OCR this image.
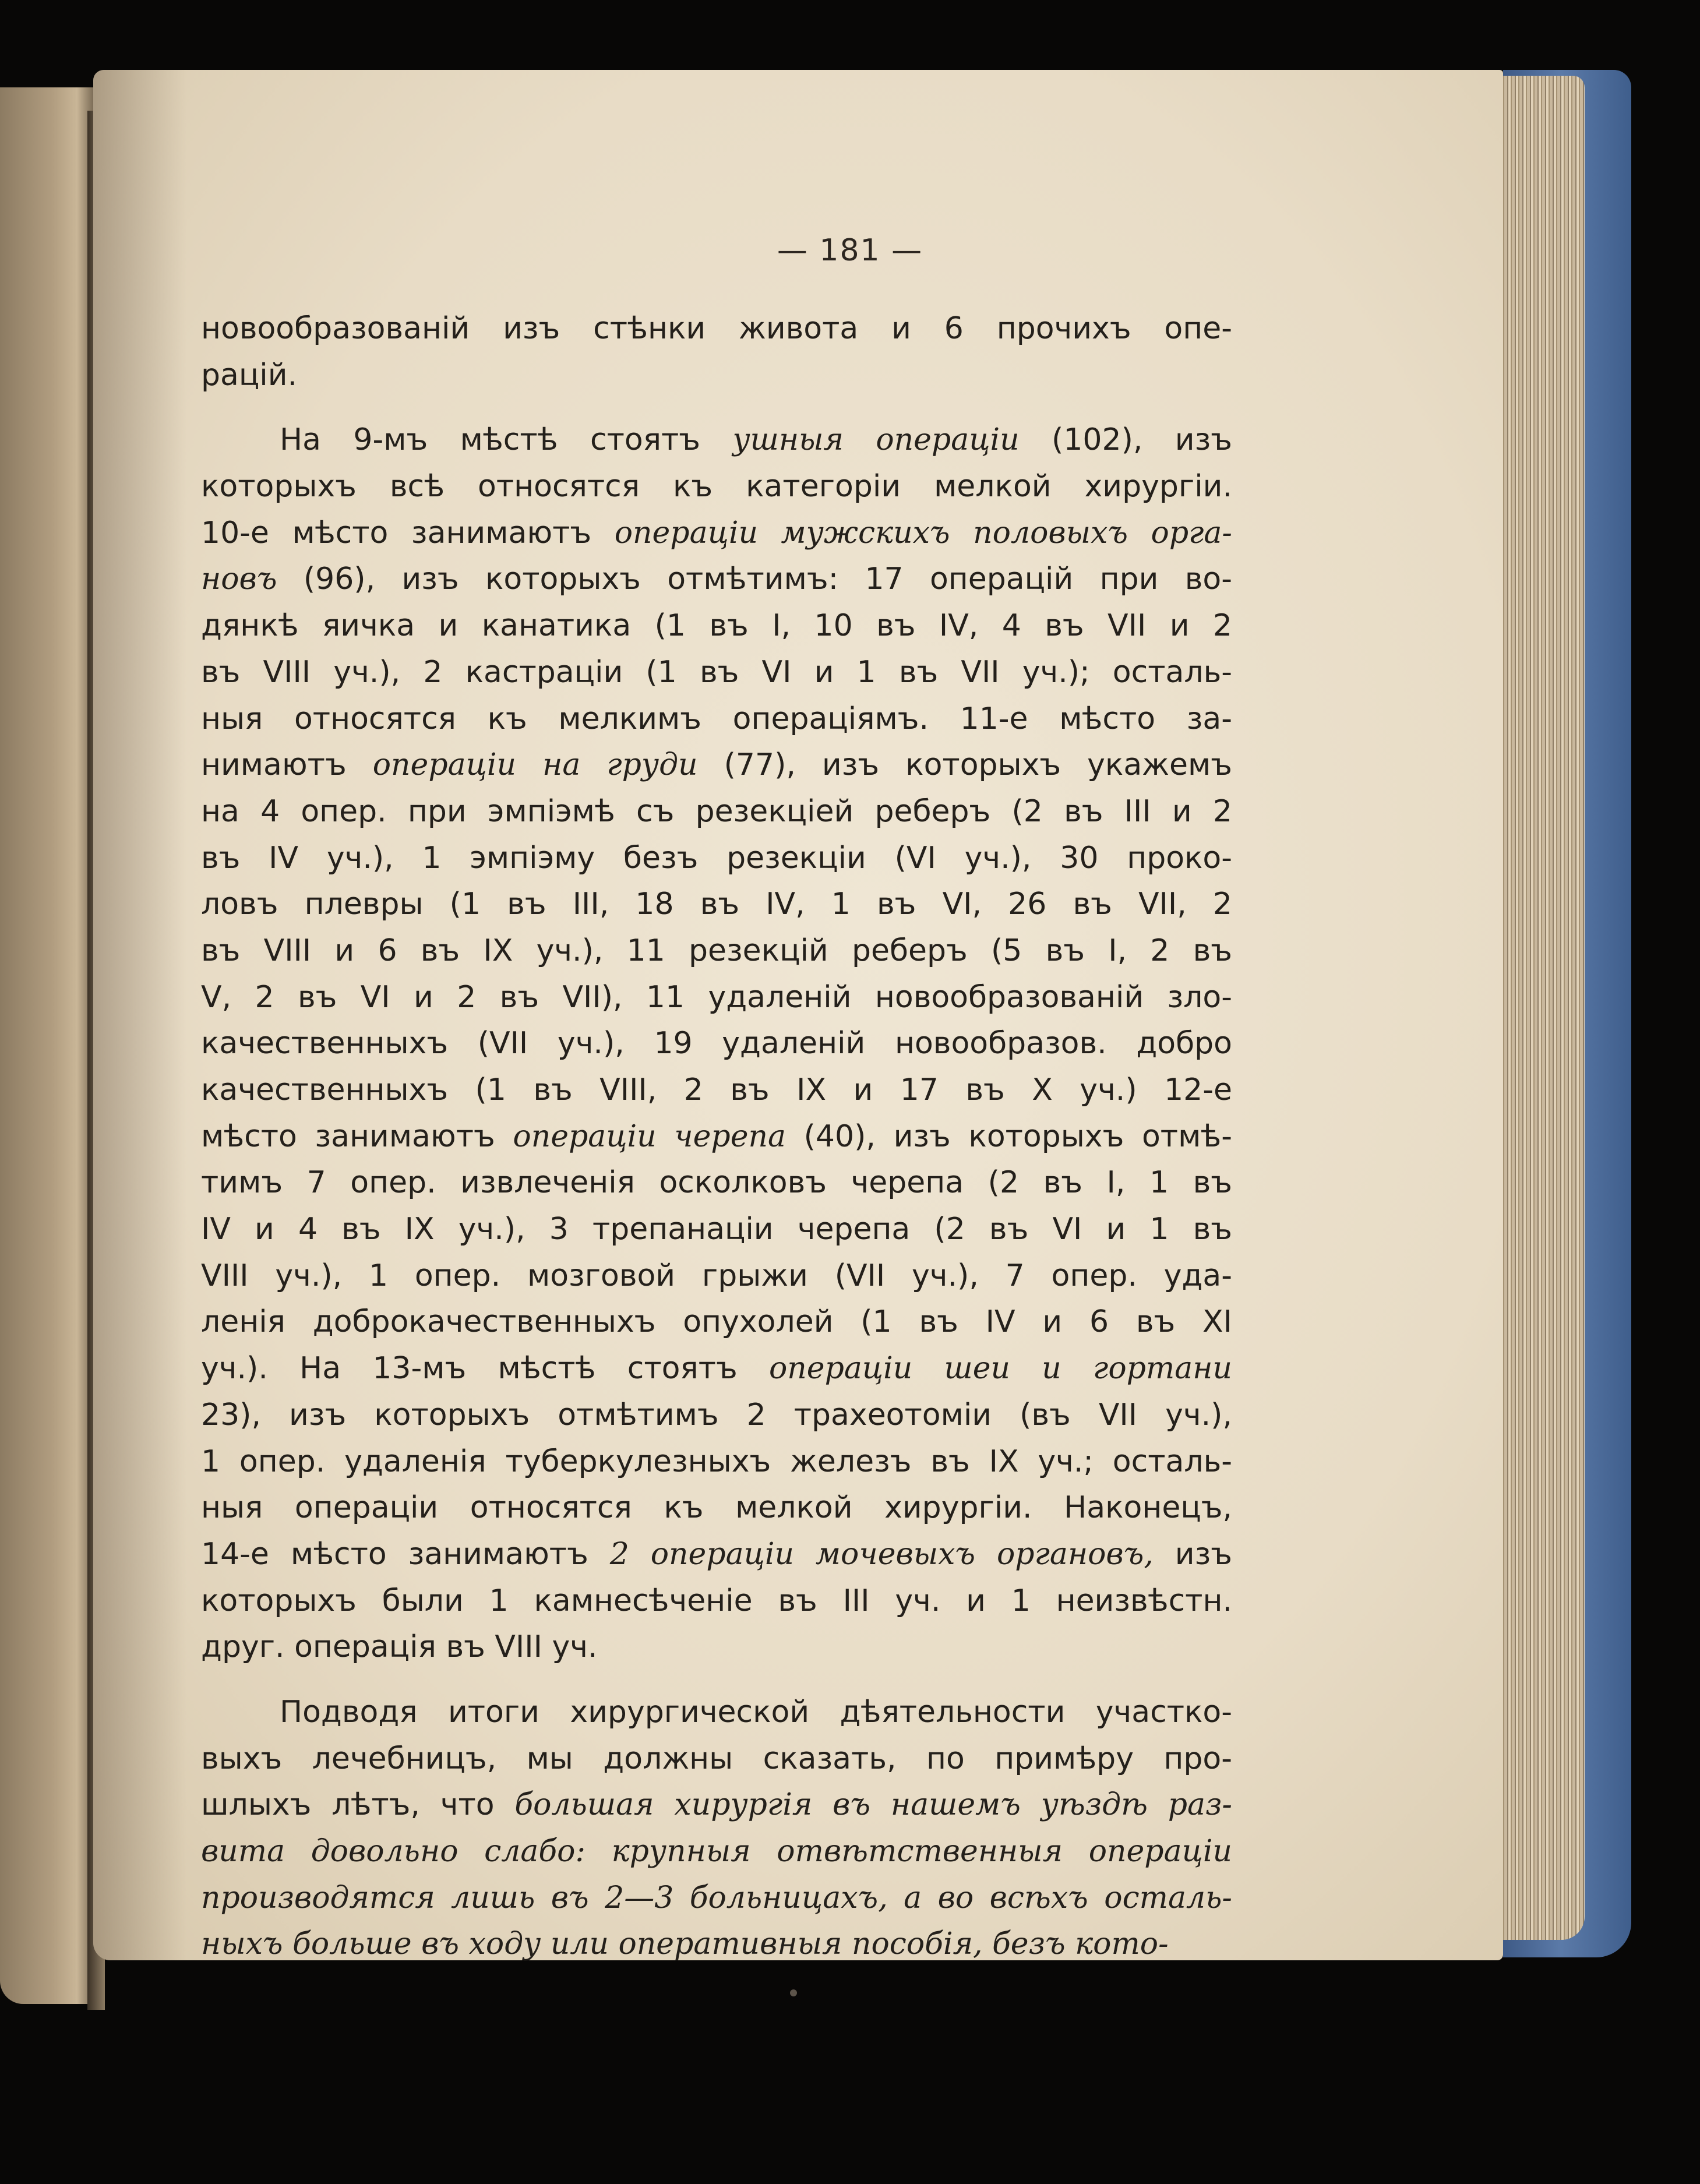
— 181 —
новообразованій изъ стѣнки живота и 6 прочихъ опе-
рацій.
На 9-мъ мѣстѣ стоятъ ушныя операціи (102), изъ
которыхъ всѣ относятся къ категоріи мелкой хирургіи.
10-е мѣсто занимаютъ операціи мужскихъ половыхъ орга-
новъ (96), изъ которыхъ отмѣтимъ: 17 операцій при во-
дянкѣ яичка и канатика (1 въ I, 10 въ IV, 4 въ VII и 2
въ VIII уч.), 2 кастраціи (1 въ VI и 1 въ VII уч.); осталь-
ныя относятся къ мелкимъ операціямъ. 11-е мѣсто за-
нимаютъ операціи на груди (77), изъ которыхъ укажемъ
на 4 опер. при эмпіэмѣ съ резекціей реберъ (2 въ III и 2
въ IV уч.), 1 эмпіэму безъ резекціи (VI уч.), 30 проко-
ловъ плевры (1 въ III, 18 въ IV, 1 въ VI, 26 въ VII, 2
въ VIII и 6 въ IX уч.), 11 резекцій реберъ (5 въ I, 2 въ
V, 2 въ VI и 2 въ VII), 11 удаленій новообразованій зло-
качественныхъ (VII уч.), 19 удаленій новообразов. добро
качественныхъ (1 въ VIII, 2 въ IX и 17 въ X уч.) 12-е
мѣсто занимаютъ операціи черепа (40), изъ которыхъ отмѣ-
тимъ 7 опер. извлеченія осколковъ черепа (2 въ I, 1 въ
IV и 4 въ IX уч.), 3 трепанаціи черепа (2 въ VI и 1 въ
VIII уч.), 1 опер. мозговой грыжи (VII уч.), 7 опер. уда-
ленія доброкачественныхъ опухолей (1 въ IV и 6 въ XI
уч.). На 13-мъ мѣстѣ стоятъ операціи шеи и гортани
23), изъ которыхъ отмѣтимъ 2 трахеотоміи (въ VII уч.),
1 опер. удаленія туберкулезныхъ железъ въ IX уч.; осталь-
ныя операціи относятся къ мелкой хирургіи. Наконецъ,
14-е мѣсто занимаютъ 2 операціи мочевыхъ органовъ, изъ
которыхъ были 1 камнесѣченіе въ III уч. и 1 неизвѣстн.
друг. операція въ VIII уч.
Подводя итоги хирургической дѣятельности участко-
выхъ лечебницъ, мы должны сказать, по примѣру про-
шлыхъ лѣтъ, что большая хирургія въ нашемъ уѣздѣ раз-
вита довольно слабо: крупныя отвѣтственныя операціи
производятся лишь въ 2—3 больницахъ, а во всѣхъ осталь-
ныхъ больше въ ходу или оперативныя пособія, безъ кото-
